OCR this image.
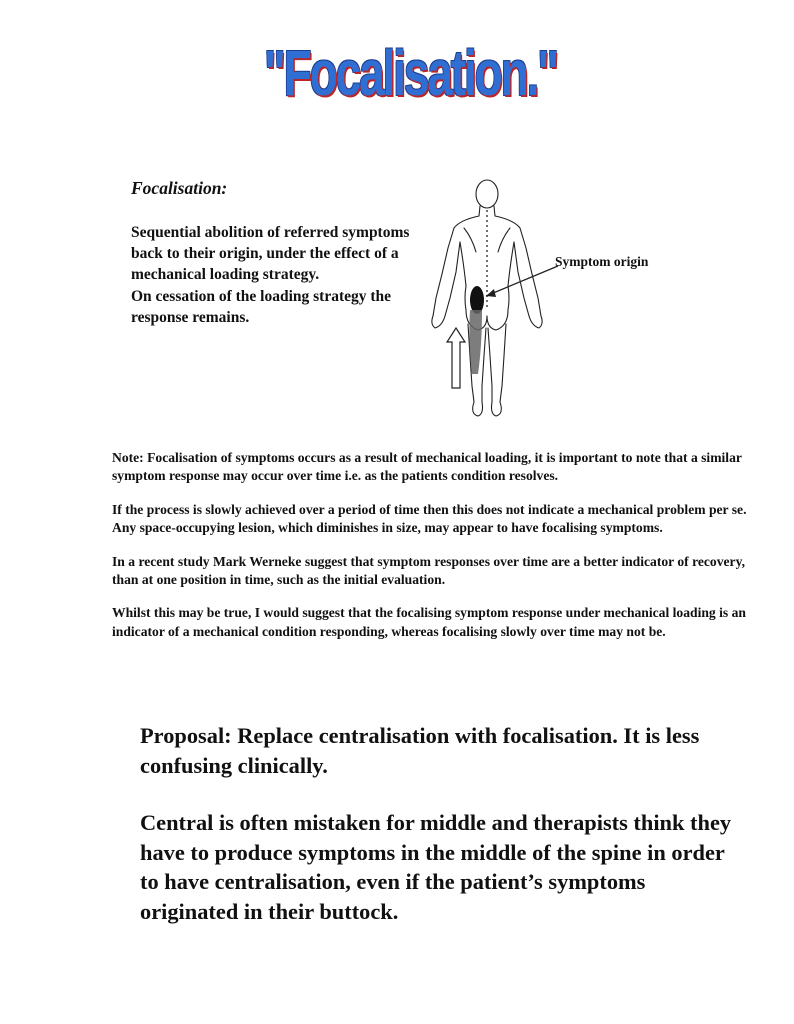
"Focalisation."
Focalisation:

Sequential abolition of referred symptoms back to their origin, under the effect of a mechanical loading strategy.

On cessation of the loading strategy the response remains.

Symptom origin

Note: Focalisation of symptoms occurs as a result of mechanical loading, it is important to note that a similar symptom response may occur over time i.e. as the patients condition resolves.

If the process is slowly achieved over a period of time then this does not indicate a mechanical problem per se. Any space-occupying lesion, which diminishes in size, may appear to have focalising symptoms.

In a recent study Mark Werneke suggest that symptom responses over time are a better indicator of recovery, than at one position in time, such as the initial evaluation.

Whilst this may be true, I would suggest that the focalising symptom response under mechanical loading is an indicator of a mechanical condition responding, whereas focalising slowly over time may not be.

Proposal: Replace centralisation with focalisation. It is less confusing clinically.

Central is often mistaken for middle and therapists think they have to produce symptoms in the middle of the spine in order to have centralisation, even if the patient’s symptoms originated in their buttock.
